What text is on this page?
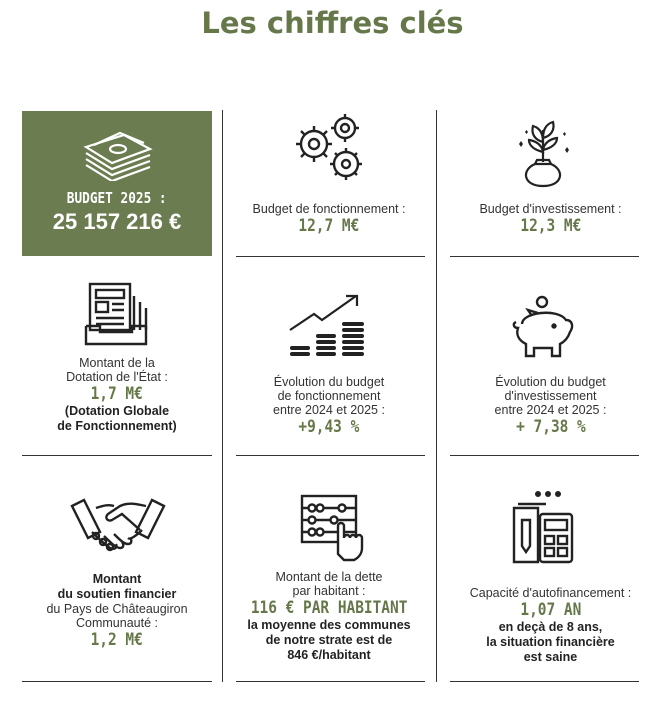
Les chiffres clés
BUDGET 2025 :
25 157 216 €	Budget de fonctionnement :
12,7 M€
Budget d'investissement :
12,3 M€
Montant de la
Dotation de l'État :
1,7 M€
(Dotation Globale
de Fonctionnement)
Évolution du budget
de fonctionnement
entre 2024 et 2025 :
+9,43 %
Évolution du budget
d'investissement
entre 2024 et 2025 :
+ 7,38 %
Montant
du soutien financier
du Pays de Châteaugiron
Communauté :
1,2 M€
Montant de la dette
par habitant :
116 € PAR HABITANT
la moyenne des communes
de notre strate est de
846 €/habitant
Capacité d'autofinancement :
1,07 AN
en deçà de 8 ans,
la situation financière
est saine
